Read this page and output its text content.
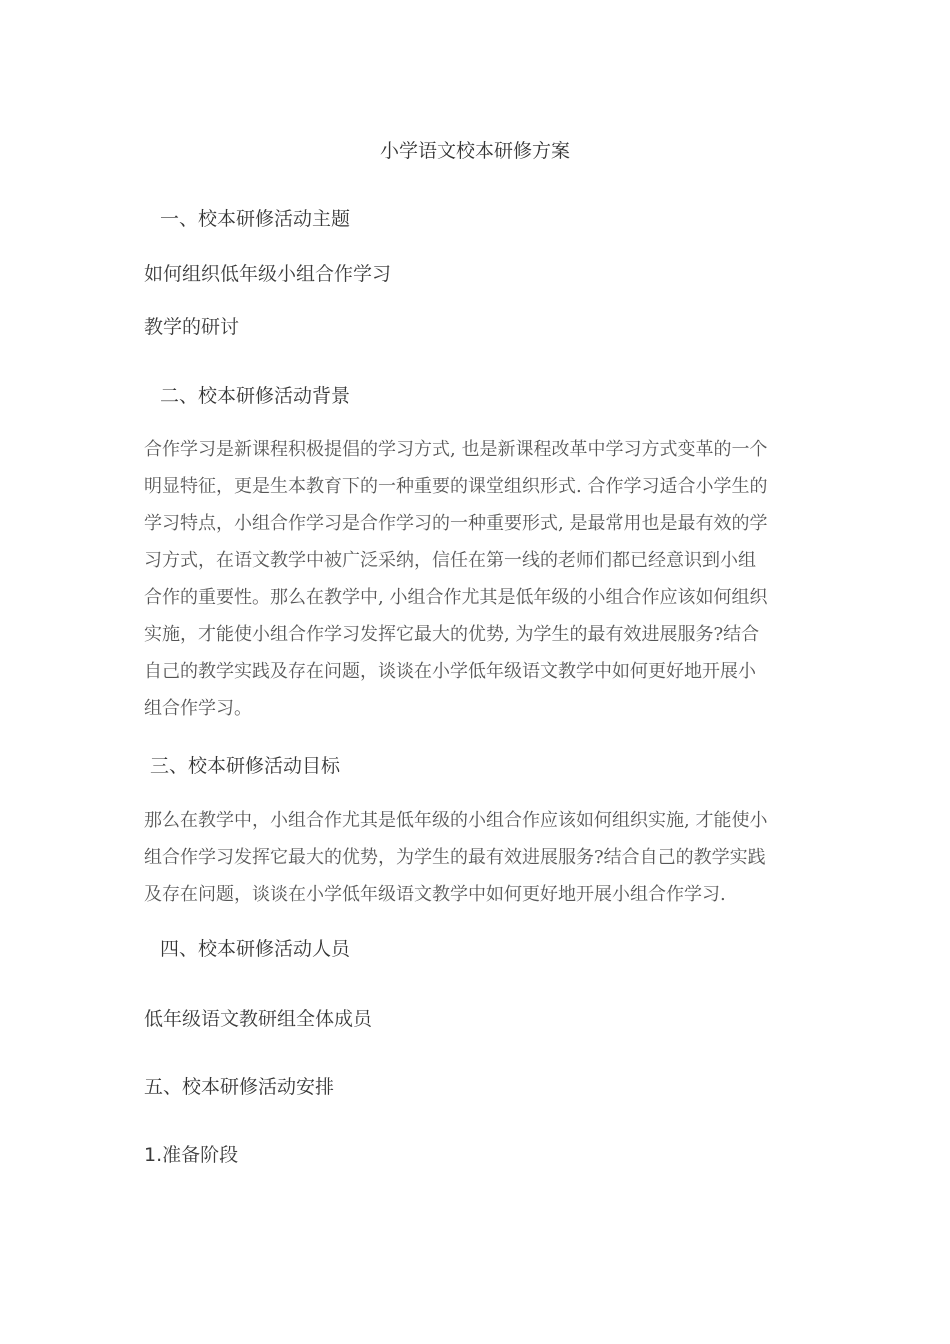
小学语文校本研修方案
一、校本研修活动主题
如何组织低年级小组合作学习
教学的研讨
二、校本研修活动背景
合作学习是新课程积极提倡的学习方式, 也是新课程改革中学习方式变革的一个
明显特征，更是生本教育下的一种重要的课堂组织形式. 合作学习适合小学生的
学习特点，小组合作学习是合作学习的一种重要形式, 是最常用也是最有效的学
习方式，在语文教学中被广泛采纳，信任在第一线的老师们都已经意识到小组
合作的重要性。那么在教学中, 小组合作尤其是低年级的小组合作应该如何组织
实施，才能使小组合作学习发挥它最大的优势, 为学生的最有效进展服务?结合
自己的教学实践及存在问题，谈谈在小学低年级语文教学中如何更好地开展小
组合作学习。
三、校本研修活动目标
那么在教学中，小组合作尤其是低年级的小组合作应该如何组织实施, 才能使小
组合作学习发挥它最大的优势，为学生的最有效进展服务?结合自己的教学实践
及存在问题，谈谈在小学低年级语文教学中如何更好地开展小组合作学习.
四、校本研修活动人员
低年级语文教研组全体成员
五、校本研修活动安排
1.准备阶段
